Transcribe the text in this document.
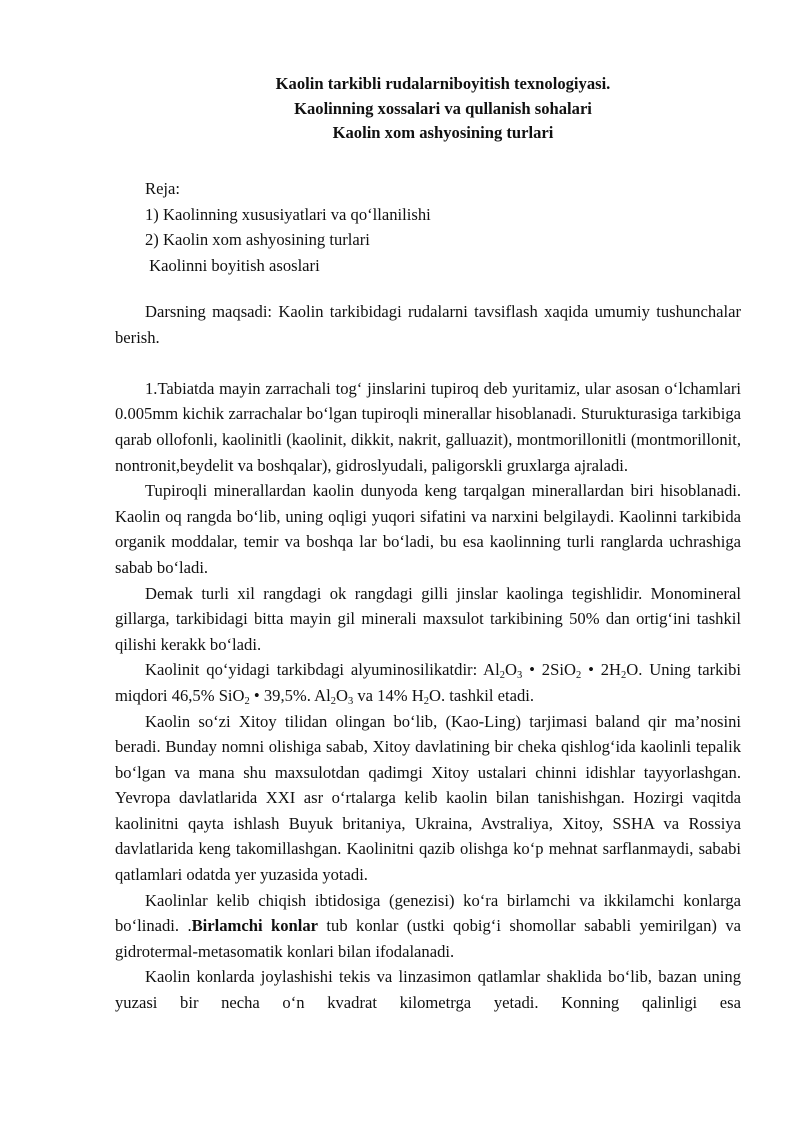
Kaolin tarkibli rudalarniboyitish texnologiyasi.
Kaolinning xossalari va qullanish sohalari
Kaolin xom ashyosining turlari
Reja:
1) Kaolinning xususiyatlari va qo‘llanilishi
2) Kaolin xom ashyosining turlari
Kaolinni boyitish asoslari

Darsning maqsadi: Kaolin tarkibidagi rudalarni tavsiflash xaqida umumiy tushunchalar berish.

1.Tabiatda mayin zarrachali tog‘ jinslarini tupiroq deb yuritamiz, ular asosan o‘lchamlari 0.005mm kichik zarrachalar bo‘lgan tupiroqli minerallar hisoblanadi. Sturukturasiga tarkibiga qarab ollofonli, kaolinitli (kaolinit, dikkit, nakrit, galluazit), montmorillonitli (montmorillonit, nontronit,beydelit va boshqalar), gidroslyudali, paligorskli gruxlarga ajraladi.

Tupiroqli minerallardan kaolin dunyoda keng tarqalgan minerallardan biri hisoblanadi. Kaolin oq rangda bo‘lib, uning oqligi yuqori sifatini va narxini belgilaydi. Kaolinni tarkibida organik moddalar, temir va boshqa lar bo‘ladi, bu esa kaolinning turli ranglarda uchrashiga sabab bo‘ladi.

Demak turli xil rangdagi ok rangdagi gilli jinslar kaolinga tegishlidir. Monomineral gillarga, tarkibidagi bitta mayin gil minerali maxsulot tarkibining 50% dan ortig‘ini tashkil qilishi kerakk bo‘ladi.

Kaolinit qo‘yidagi tarkibdagi alyuminosilikatdir: $Al_2O_3$ • 2SiO$_2$ • $2H_2O$. Uning tarkibi miqdori 46,5% SiO$_2$ • 39,5%. $Al_2O_3$ va 14% $H_2O$. tashkil etadi.

Kaolin so‘zi Xitoy tilidan olingan bo‘lib, (Kao-Ling) tarjimasi baland qir ma’nosini beradi. Bunday nomni olishiga sabab, Xitoy davlatining bir cheka qishlog‘ida kaolinli tepalik bo‘lgan va mana shu maxsulotdan qadimgi Xitoy ustalari chinni idishlar tayyorlashgan. Yevropa davlatlarida XXI asr o‘rtalarga kelib kaolin bilan tanishishgan. Hozirgi vaqitda kaolinitni qayta ishlash Buyuk britaniya, Ukraina, Avstraliya, Xitoy, SSHA va Rossiya davlatlarida keng takomillashgan. Kaolinitni qazib olishga ko‘p mehnat sarflanmaydi, sababi qatlamlari odatda yer yuzasida yotadi.

Kaolinlar kelib chiqish ibtidosiga (genezisi) ko‘ra birlamchi va ikkilamchi konlarga bo‘linadi. .Birlamchi konlar tub konlar (ustki qobig‘i shomollar sababli yemirilgan) va gidrotermal-metasomatik konlari bilan ifodalanadi.

Kaolin konlarda joylashishi tekis va linzasimon qatlamlar shaklida bo‘lib, bazan uning yuzasi bir necha o‘n kvadrat kilometrga yetadi. Konning qalinligi esa
